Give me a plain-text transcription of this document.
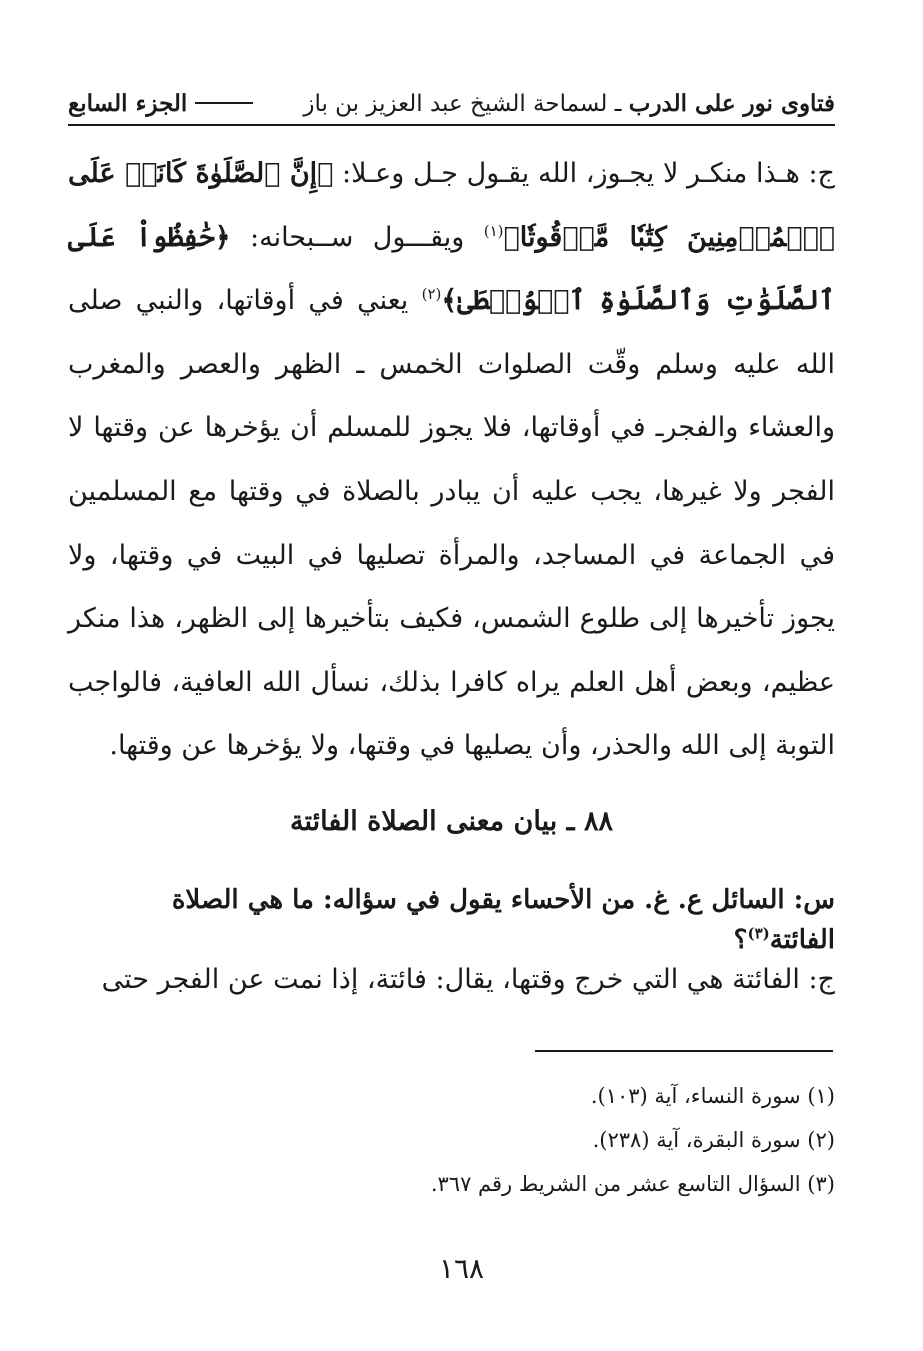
فتاوى نور على الدرب ـ لسماحة الشيخ عبد العزيز بن باز
الجزء السابع

ج: هـذا منكـر لا يجـوز، الله يقـول جـل وعـلا: ﴿إِنَّ ٱلصَّلَوٰةَ كَانَتۡ عَلَى ٱلۡمُؤۡمِنِينَ كِتَٰبٗا مَّوۡقُوتٗا﴾$^{(١)}$ ويقـــول ســبحانه: ﴿حَٰفِظُواْ عَلَى ٱلصَّلَوَٰتِ وَٱلصَّلَوٰةِ ٱلۡوُسۡطَىٰ﴾$^{(٢)}$ يعني في أوقاتها، والنبي صلى الله عليه وسلم وقّت الصلوات الخمس ـ الظهر والعصر والمغرب والعشاء والفجرـ في أوقاتها، فلا يجوز للمسلم أن يؤخرها عن وقتها لا الفجر ولا غيرها، يجب عليه أن يبادر بالصلاة في وقتها مع المسلمين في الجماعة في المساجد، والمرأة تصليها في البيت في وقتها، ولا يجوز تأخيرها إلى طلوع الشمس، فكيف بتأخيرها إلى الظهر، هذا منكر عظيم، وبعض أهل العلم يراه كافرا بذلك، نسأل الله العافية، فالواجب التوبة إلى الله والحذر، وأن يصليها في وقتها، ولا يؤخرها عن وقتها.

٨٨ ـ بيان معنى الصلاة الفائتة
س: السائل ع. غ. من الأحساء يقول في سؤاله: ما هي الصلاة الفائتة$^{(٣)}$؟
ج: الفائتة هي التي خرج وقتها، يقال: فائتة، إذا نمت عن الفجر حتى
(١) سورة النساء، آية (١٠٣).
(٢) سورة البقرة، آية (٢٣٨).
(٣) السؤال التاسع عشر من الشريط رقم ٣٦٧.
١٦٨
